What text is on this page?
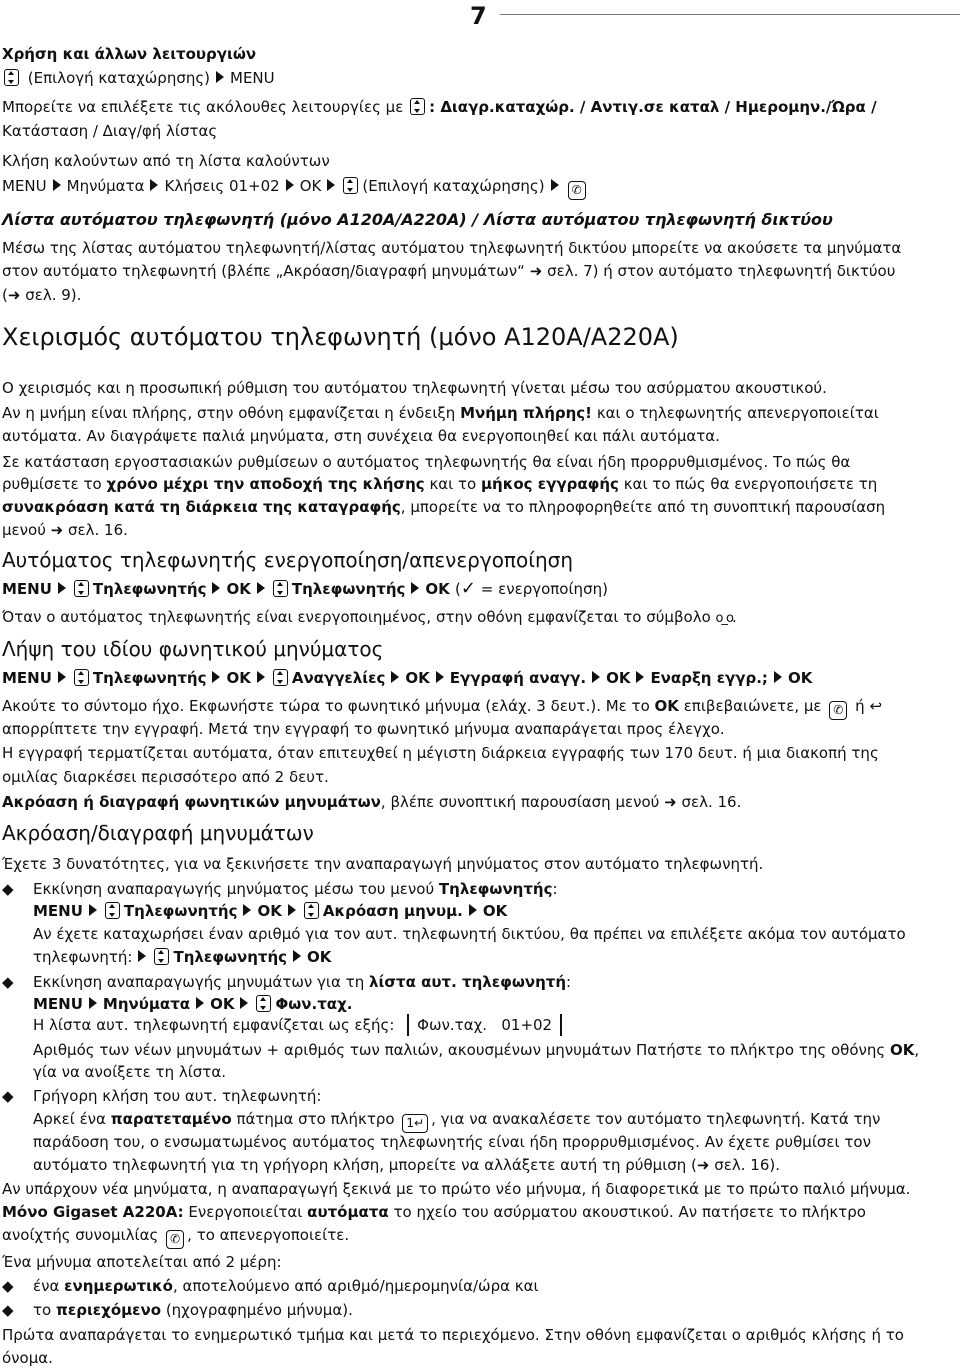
7
Χρήση και άλλων λειτουργιών
(Επιλογή καταχώρησης) MENU
Μπορείτε να επιλέξετε τις ακόλουθες λειτουργίες με : Διαγρ.καταχώρ. / Αντιγ.σε καταλ / Ημερομην./Ώρα /
Κατάσταση / Διαγ/φή λίστας
Κλήση καλούντων από τη λίστα καλούντων
MENU Μηνύματα Κλήσεις 01+02 OK	(Επιλογή καταχώρησης) ✆
Λίστα αυτόματου τηλεφωνητή (μόνο A120A/A220A) / Λίστα αυτόματου τηλεφωνητή δικτύου
Μέσω της λίστας αυτόματου τηλεφωνητή/λίστας αυτόματου τηλεφωνητή δικτύου μπορείτε να ακούσετε τα μηνύματα
στον αυτόματο τηλεφωνητή (βλέπε „Ακρόαση/διαγραφή μηνυμάτων“ ➜ σελ. 7) ή στον αυτόματο τηλεφωνητή δικτύου
(➜ σελ. 9).
Χειρισμός αυτόματου τηλεφωνητή (μόνο A120A/A220A)
Ο χειρισμός και η προσωπική ρύθμιση του αυτόματου τηλεφωνητή γίνεται μέσω του ασύρματου ακουστικού.
Αν η μνήμη είναι πλήρης, στην οθόνη εμφανίζεται η ένδειξη Μνήμη πλήρης! και ο τηλεφωνητής απενεργοποιείται
αυτόματα. Αν διαγράψετε παλιά μηνύματα, στη συνέχεια θα ενεργοποιηθεί και πάλι αυτόματα.
Σε κατάσταση εργοστασιακών ρυθμίσεων ο αυτόματος τηλεφωνητής θα είναι ήδη προρρυθμισμένος. Το πώς θα
ρυθμίσετε το χρόνο μέχρι την αποδοχή της κλήσης και το μήκος εγγραφής και το πώς θα ενεργοποιήσετε τη
συνακρόαση κατά τη διάρκεια της καταγραφής, μπορείτε να το πληροφορηθείτε από τη συνοπτική παρουσίαση
μενού ➜ σελ. 16.
Αυτόματος τηλεφωνητής ενεργοποίηση/απενεργοποίηση
MENU	Τηλεφωνητής OK	Τηλεφωνητής OK (✓ = ενεργοποίηση)
Όταν ο αυτόματος τηλεφωνητής είναι ενεργοποιημένος, στην οθόνη εμφανίζεται το σύμβολο o_o.
Λήψη του ιδίου φωνητικού μηνύματος
MENU	Τηλεφωνητής OK	Αναγγελίες OK Εγγραφή αναγγ. OK Εναρξη εγγρ.; OK
Ακούτε το σύντομο ήχο. Εκφωνήστε τώρα το φωνητικό μήνυμα (ελάχ. 3 δευτ.). Με το OK επιβεβαιώνετε, με ✆ ή ↩
απορρίπτετε την εγγραφή. Μετά την εγγραφή το φωνητικό μήνυμα αναπαράγεται προς έλεγχο.
Η εγγραφή τερματίζεται αυτόματα, όταν επιτευχθεί η μέγιστη διάρκεια εγγραφής των 170 δευτ. ή μια διακοπή της
ομιλίας διαρκέσει περισσότερο από 2 δευτ.
Ακρόαση ή διαγραφή φωνητικών μηνυμάτων, βλέπε συνοπτική παρουσίαση μενού ➜ σελ. 16.
Ακρόαση/διαγραφή μηνυμάτων
Έχετε 3 δυνατότητες, για να ξεκινήσετε την αναπαραγωγή μηνύματος στον αυτόματο τηλεφωνητή.
◆ Εκκίνηση αναπαραγωγής μηνύματος μέσω του μενού Τηλεφωνητής:
MENU	Τηλεφωνητής OK	Ακρόαση μηνυμ. OK
Αν έχετε καταχωρήσει έναν αριθμό για τον αυτ. τηλεφωνητή δικτύου, θα πρέπει να επιλέξετε ακόμα τον αυτόματο
τηλεφωνητή:	Τηλεφωνητής OK
◆ Εκκίνηση αναπαραγωγής μηνυμάτων για τη λίστα αυτ. τηλεφωνητή:
MENU Μηνύματα OK	Φων.ταχ.
Η λίστα αυτ. τηλεφωνητή εμφανίζεται ως εξής: Φων.ταχ. 01+02
Αριθμός των νέων μηνυμάτων + αριθμός των παλιών, ακουσμένων μηνυμάτων Πατήστε το πλήκτρο της οθόνης OK,
γία να ανοίξετε τη λίστα.
◆ Γρήγορη κλήση του αυτ. τηλεφωνητή:
Αρκεί ένα παρατεταμένο πάτημα στο πλήκτρο 1↵ , για να ανακαλέσετε τον αυτόματο τηλεφωνητή. Κατά την
παράδοση του, ο ενσωματωμένος αυτόματος τηλεφωνητής είναι ήδη προρρυθμισμένος. Αν έχετε ρυθμίσει τον
αυτόματο τηλεφωνητή για τη γρήγορη κλήση, μπορείτε να αλλάξετε αυτή τη ρύθμιση (➜ σελ. 16).
Αν υπάρχουν νέα μηνύματα, η αναπαραγωγή ξεκινά με το πρώτο νέο μήνυμα, ή διαφορετικά με το πρώτο παλιό μήνυμα.
Μόνο Gigaset A220A: Ενεργοποιείται αυτόματα το ηχείο του ασύρματου ακουστικού. Αν πατήσετε το πλήκτρο
ανοίχτής συνομιλίας ✆ , το απενεργοποιείτε.
Ένα μήνυμα αποτελείται από 2 μέρη:
◆ ένα ενημερωτικό, αποτελούμενο από αριθμό/ημερομηνία/ώρα και
◆ το περιεχόμενο (ηχογραφημένο μήνυμα).
Πρώτα αναπαράγεται το ενημερωτικό τμήμα και μετά το περιεχόμενο. Στην οθόνη εμφανίζεται ο αριθμός κλήσης ή το
όνομα.
